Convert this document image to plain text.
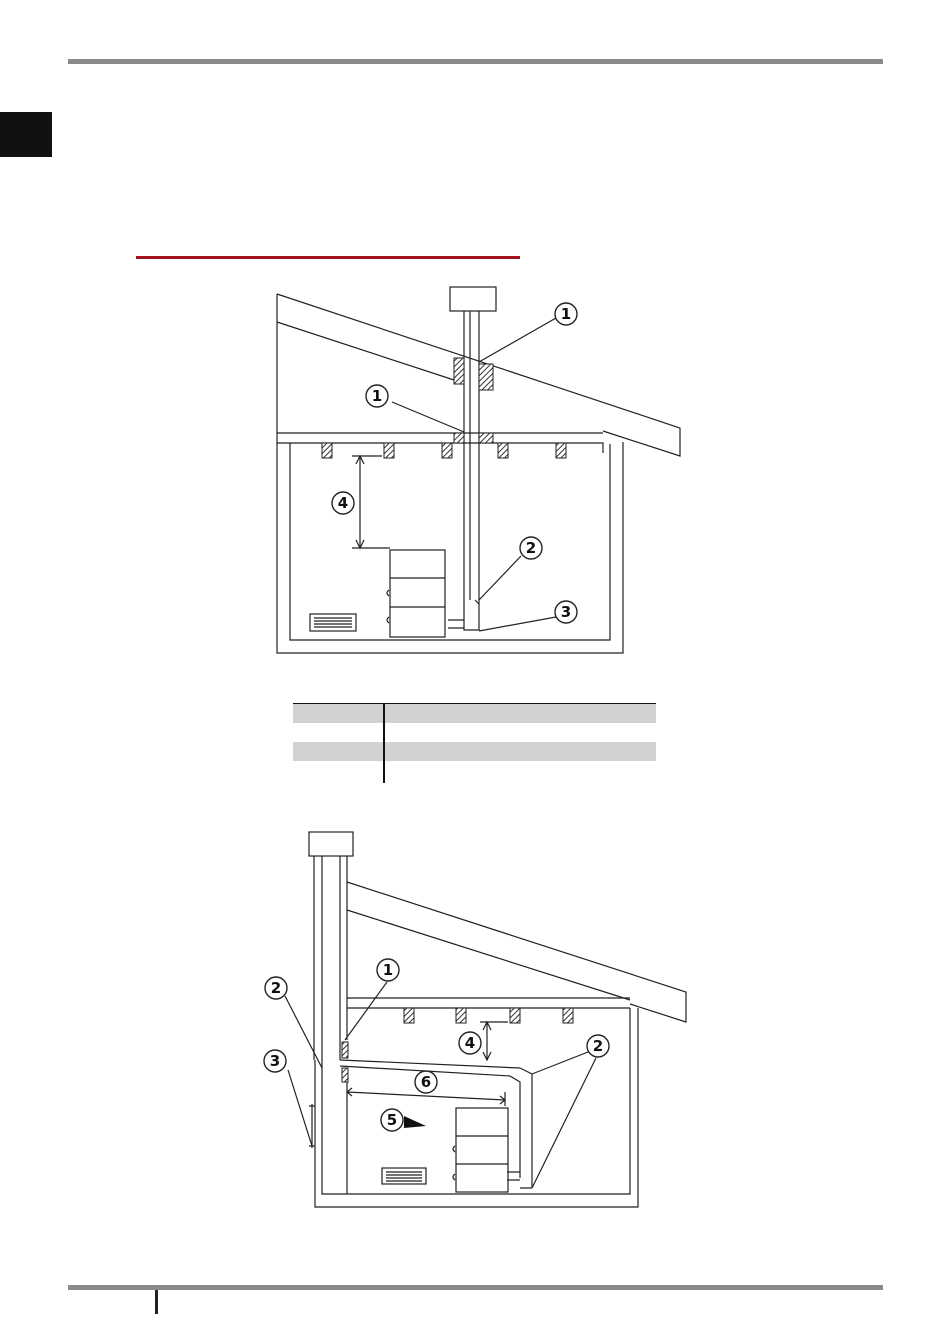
1
1
2
3
4
1
2
2
3
4
5
6
